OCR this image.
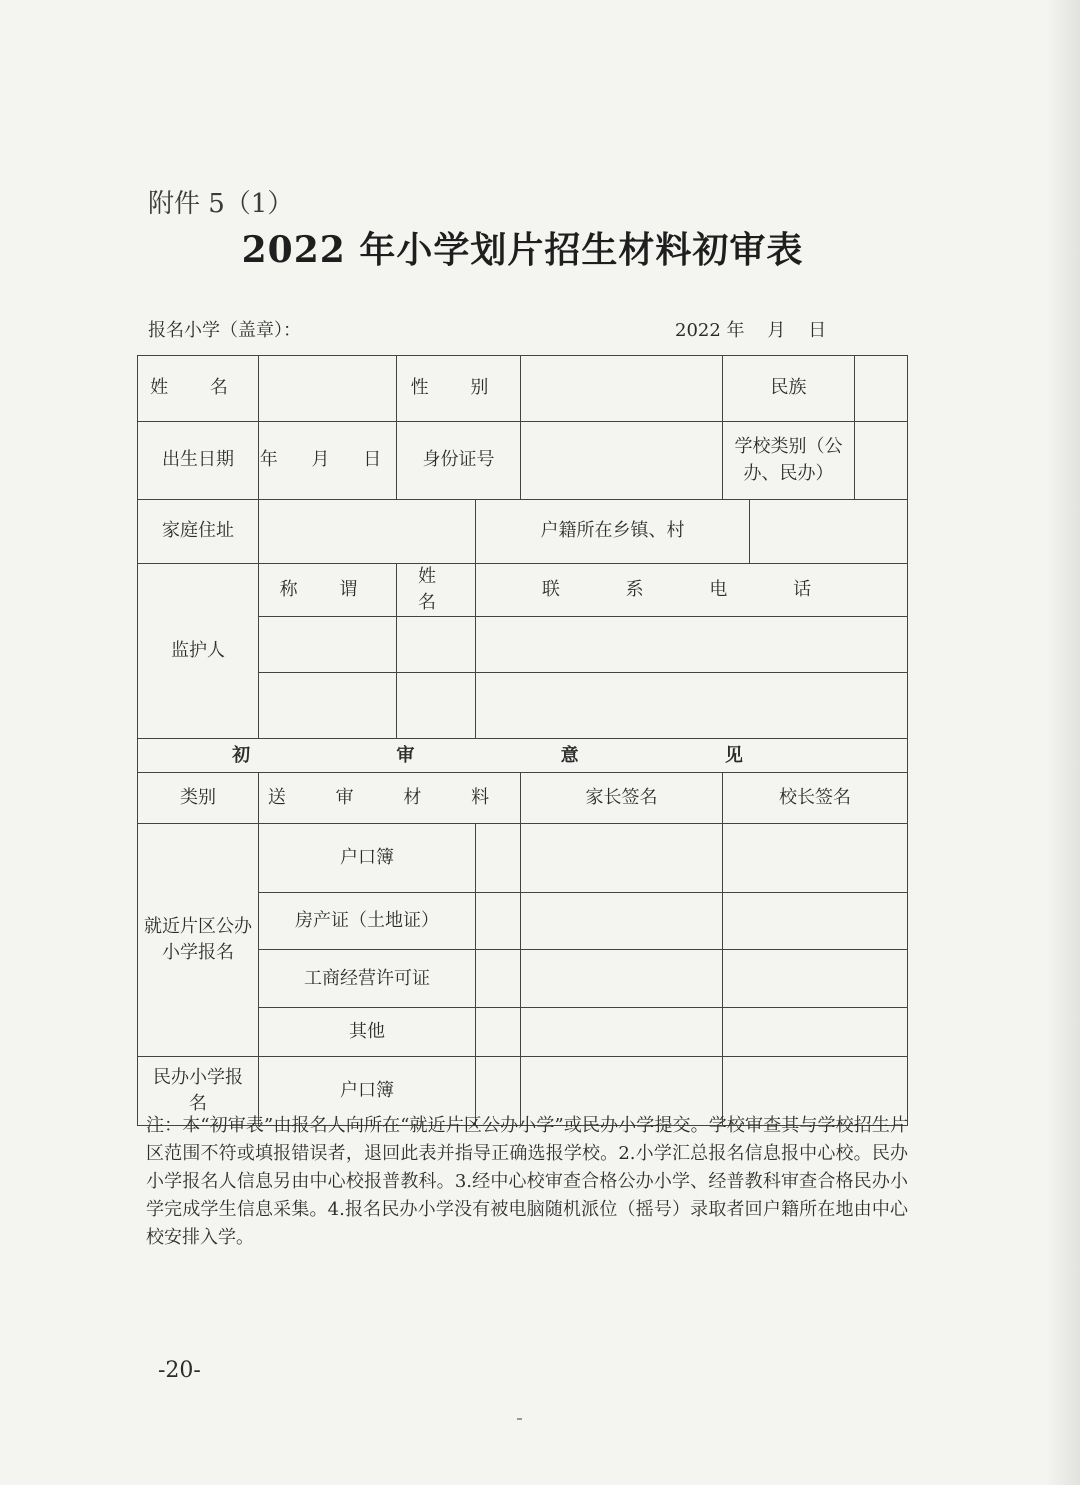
附件 5（1）
2022 年小学划片招生材料初审表
报名小学（盖章）：	2022 年    月    日
姓 名		性 别			民族		
出生日期	年 月 日	身份证号			学校类别（公办、民办）		
家庭住址			户籍所在乡镇、村				
监护人	称 谓	姓 名	联 系 电 话				

初 审 意 见							
类别	送 审 材 料			家长签名	校长签名		
就近片区公办小学报名	户口簿						
	房产证（土地证）						
	工商经营许可证						
	其他						
民办小学报名	户口簿						
注：本“初审表”由报名人向所在“就近片区公办小学”或民办小学提交。学校审查其与学校招生片区范围不符或填报错误者，退回此表并指导正确选报学校。2.小学汇总报名信息报中心校。民办小学报名人信息另由中心校报普教科。3.经中心校审查合格公办小学、经普教科审查合格民办小学完成学生信息采集。4.报名民办小学没有被电脑随机派位（摇号）录取者回户籍所在地由中心校安排入学。
-20-
